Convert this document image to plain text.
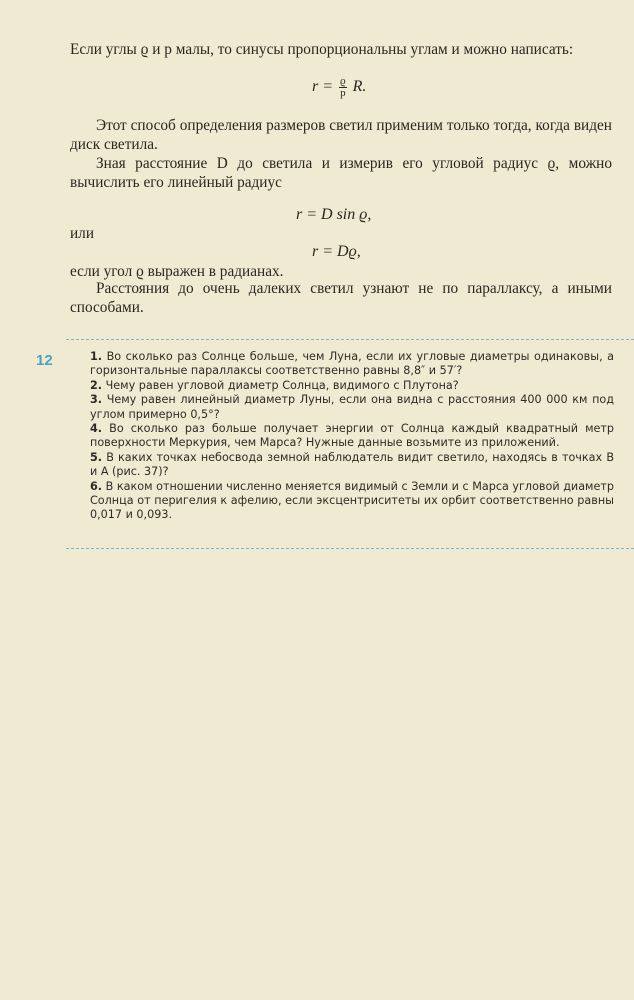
Если углы ϱ и p малы, то синусы пропорциональны углам и можно написать:

$r = \frac{ϱ}{p} R$.

Этот способ определения размеров светил применим только тогда, когда виден диск светила.

Зная расстояние D до светила и измерив его угловой радиус ϱ, можно вычислить его линейный радиус

r = D sin ϱ,

или

r = Dϱ,

если угол ϱ выражен в радианах.

Расстояния до очень далеких светил узнают не по параллаксу, а иными способами.

12	1. Во сколько раз Солнце больше, чем Луна, если их угловые диаметры одинаковы, а горизонтальные параллаксы соответственно равны 8,8″ и 57′?

2. Чему равен угловой диаметр Солнца, видимого с Плутона?

3. Чему равен линейный диаметр Луны, если она видна с расстояния 400 000 км под углом примерно 0,5°?

4. Во сколько раз больше получает энергии от Солнца каждый квадратный метр поверхности Меркурия, чем Марса? Нужные данные возьмите из приложений.

5. В каких точках небосвода земной наблюдатель видит светило, находясь в точках B и A (рис. 37)?

6. В каком отношении численно меняется видимый с Земли и с Марса угловой диаметр Солнца от перигелия к афелию, если эксцентриситеты их орбит соответственно равны 0,017 и 0,093.
